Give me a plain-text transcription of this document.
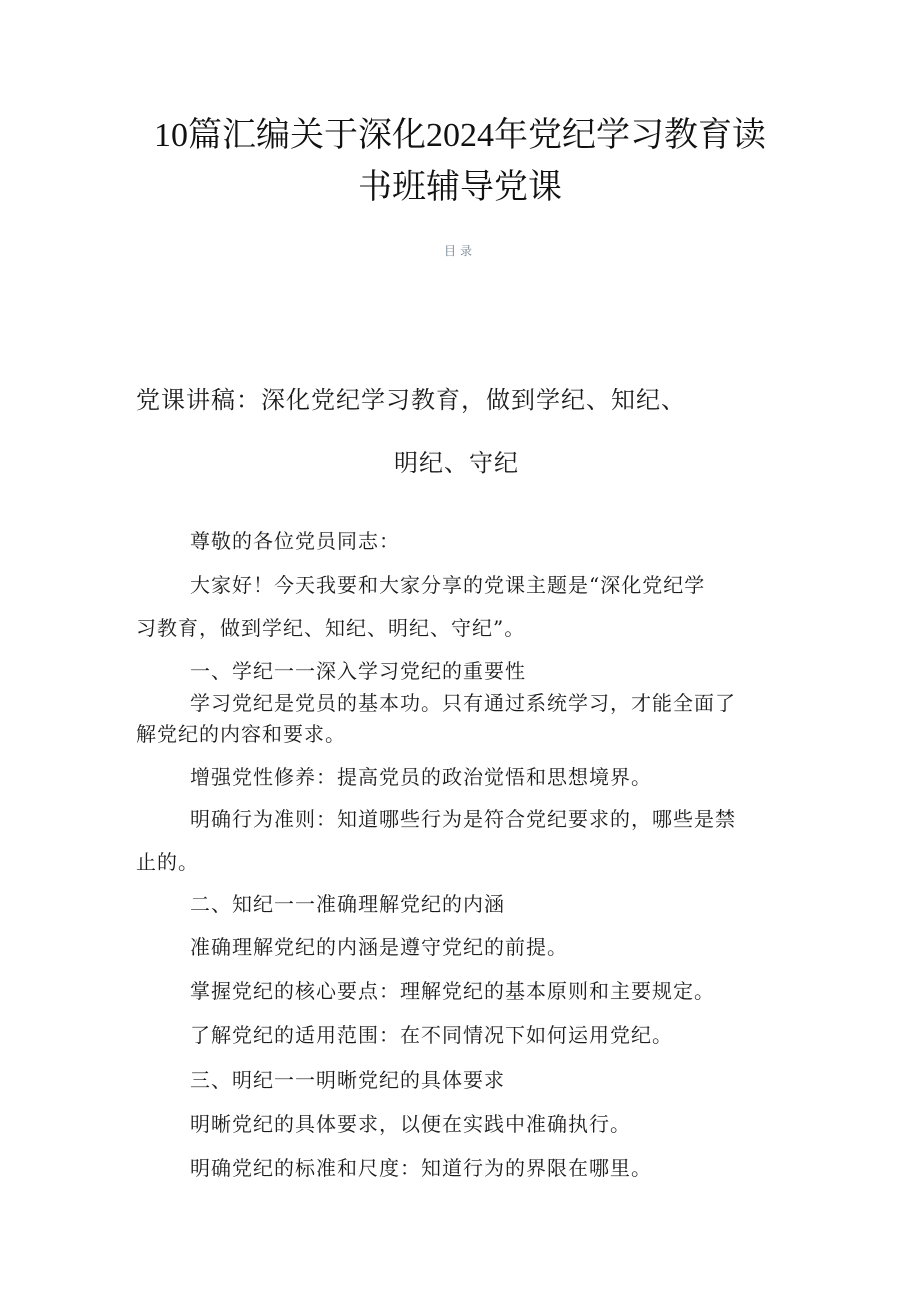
10篇汇编关于深化2024年党纪学习教育读
书班辅导党课
目录
党课讲稿：深化党纪学习教育，做到学纪、知纪、
明纪、守纪

尊敬的各位党员同志：

大家好！今天我要和大家分享的党课主题是“深化党纪学

习教育，做到学纪、知纪、明纪、守纪”。

一、学纪一一深入学习党纪的重要性

学习党纪是党员的基本功。只有通过系统学习，才能全面了

解党纪的内容和要求。

增强党性修养：提高党员的政治觉悟和思想境界。

明确行为准则：知道哪些行为是符合党纪要求的，哪些是禁

止的。

二、知纪一一准确理解党纪的内涵

准确理解党纪的内涵是遵守党纪的前提。

掌握党纪的核心要点：理解党纪的基本原则和主要规定。

了解党纪的适用范围：在不同情况下如何运用党纪。

三、明纪一一明晰党纪的具体要求

明晰党纪的具体要求，以便在实践中准确执行。

明确党纪的标准和尺度：知道行为的界限在哪里。
